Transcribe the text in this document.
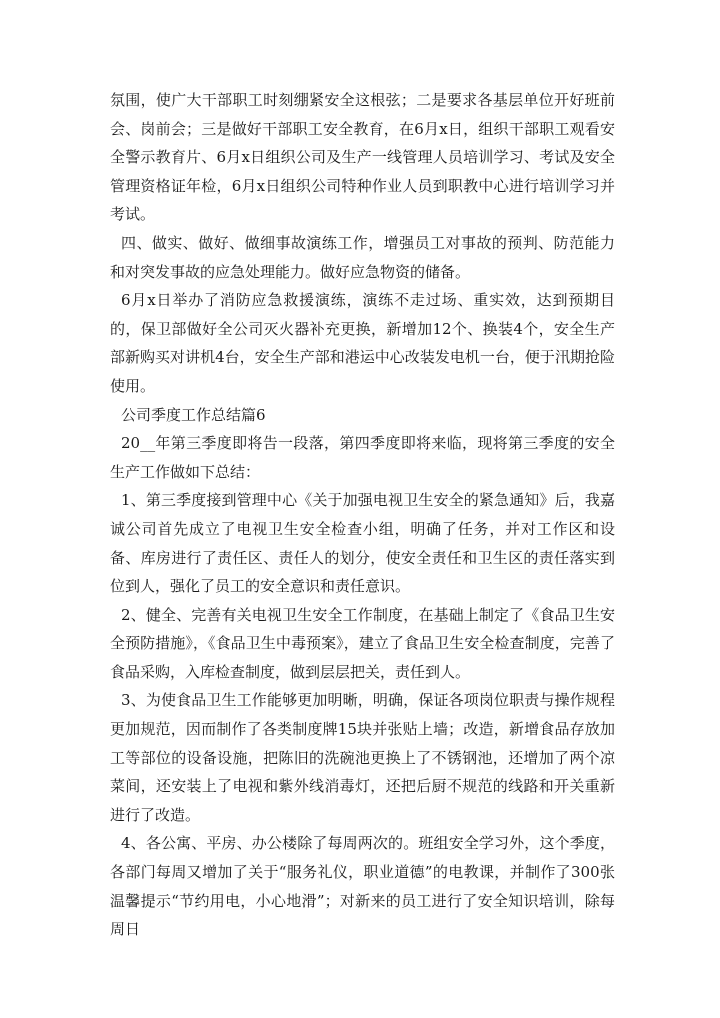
氛围，使广大干部职工时刻绷紧安全这根弦；二是要求各基层单位开好班前会、岗前会；三是做好干部职工安全教育，在6月x日，组织干部职工观看安全警示教育片、6月x日组织公司及生产一线管理人员培训学习、考试及安全管理资格证年检，6月x日组织公司特种作业人员到职教中心进行培训学习并考试。

四、做实、做好、做细事故演练工作，增强员工对事故的预判、防范能力和对突发事故的应急处理能力。做好应急物资的储备。

6月x日举办了消防应急救援演练，演练不走过场、重实效，达到预期目的，保卫部做好全公司灭火器补充更换，新增加12个、换装4个，安全生产部新购买对讲机4台，安全生产部和港运中心改装发电机一台，便于汛期抢险使用。

公司季度工作总结篇6

20__年第三季度即将告一段落，第四季度即将来临，现将第三季度的安全生产工作做如下总结：

1、第三季度接到管理中心《关于加强电视卫生安全的紧急通知》后，我嘉诚公司首先成立了电视卫生安全检查小组，明确了任务，并对工作区和设备、库房进行了责任区、责任人的划分，使安全责任和卫生区的责任落实到位到人，强化了员工的安全意识和责任意识。

2、健全、完善有关电视卫生安全工作制度，在基础上制定了《食品卫生安全预防措施》，《食品卫生中毒预案》，建立了食品卫生安全检查制度，完善了食品采购，入库检查制度，做到层层把关，责任到人。

3、为使食品卫生工作能够更加明晰，明确，保证各项岗位职责与操作规程更加规范，因而制作了各类制度牌15块并张贴上墙；改造，新增食品存放加工等部位的设备设施，把陈旧的洗碗池更换上了不锈钢池，还增加了两个凉菜间，还安装上了电视和紫外线消毒灯，还把后厨不规范的线路和开关重新进行了改造。

4、各公寓、平房、办公楼除了每周两次的。班组安全学习外，这个季度，各部门每周又增加了关于“服务礼仪，职业道德”的电教课，并制作了300张温馨提示“节约用电，小心地滑”；对新来的员工进行了安全知识培训，除每周日
